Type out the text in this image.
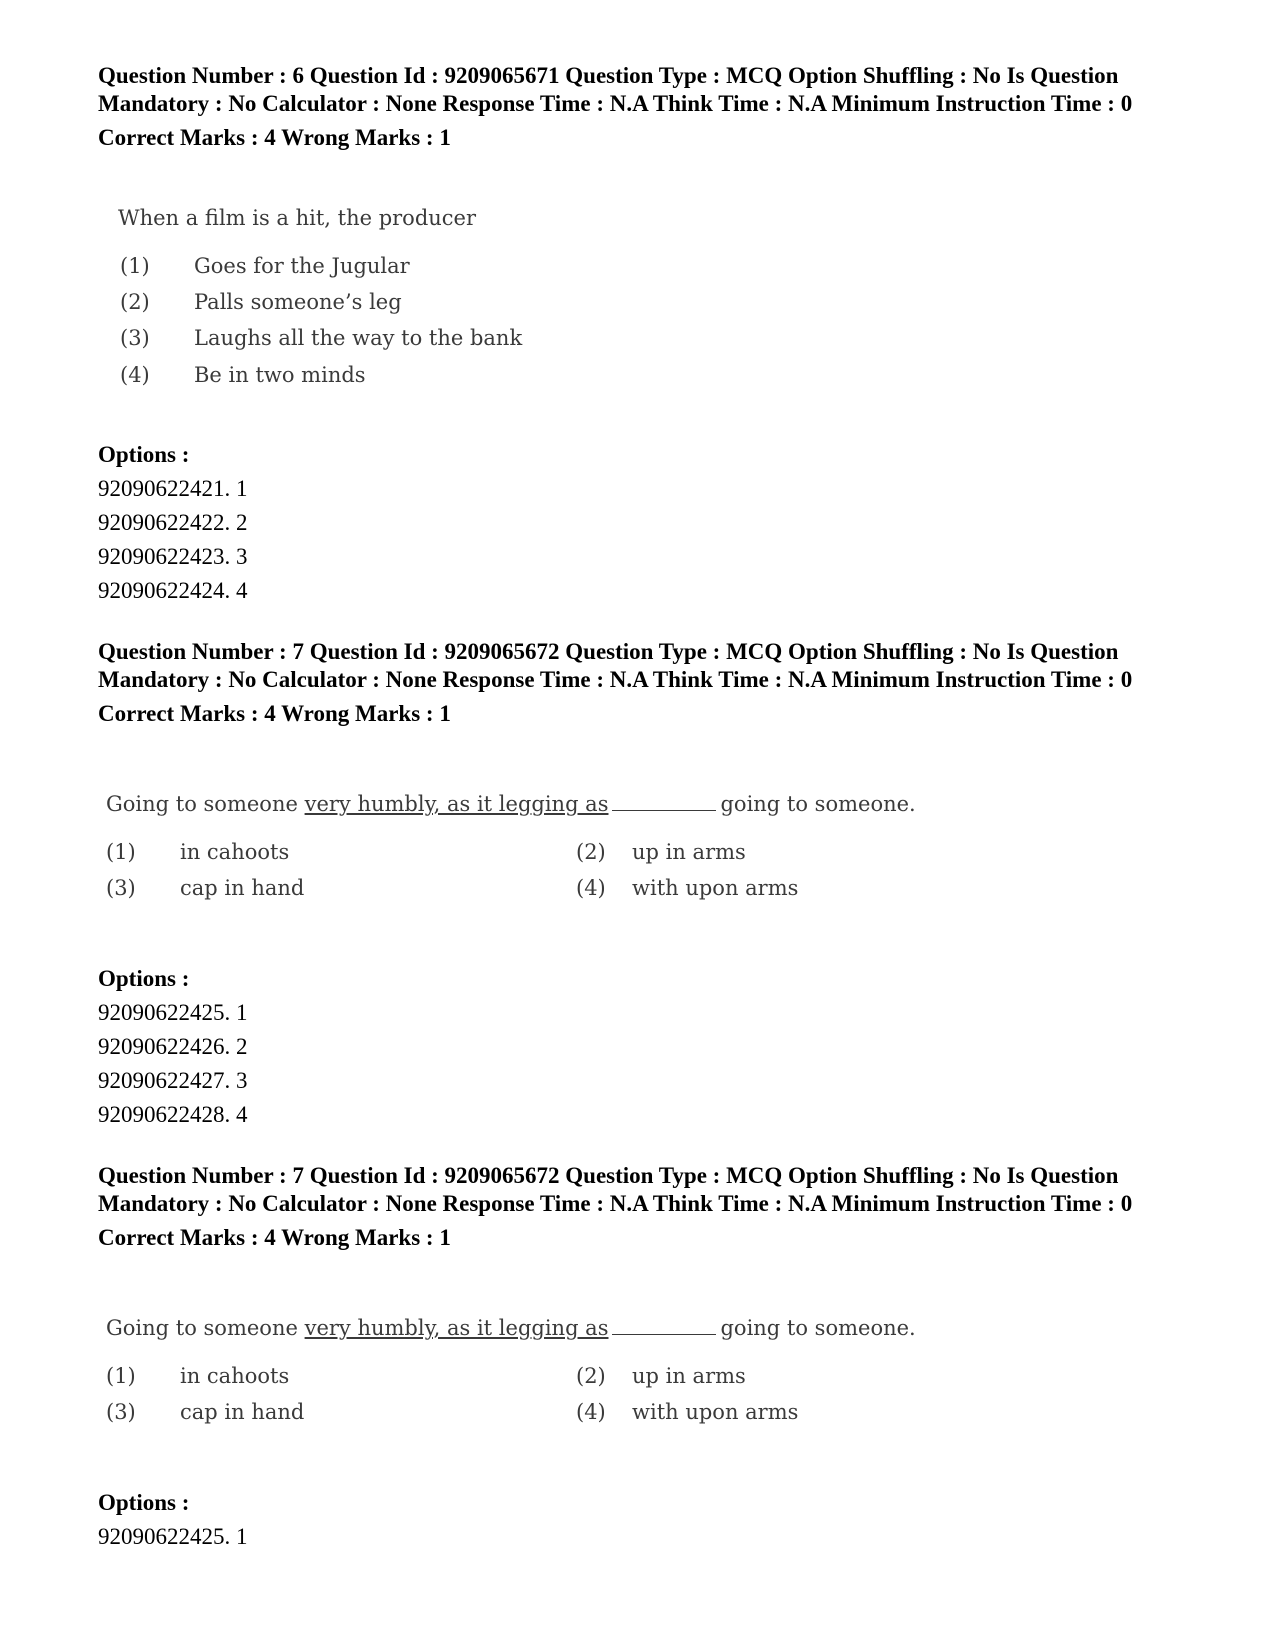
Question Number : 6 Question Id : 9209065671 Question Type : MCQ Option Shuffling : No Is Question Mandatory : No Calculator : None Response Time : N.A Think Time : N.A Minimum Instruction Time : 0

Correct Marks : 4 Wrong Marks : 1
When a film is a hit, the producer
(1) Goes for the Jugular
(2) Palls someone’s leg
(3) Laughs all the way to the bank
(4) Be in two minds
Options :
92090622421. 1
92090622422. 2
92090622423. 3
92090622424. 4

Question Number : 7 Question Id : 9209065672 Question Type : MCQ Option Shuffling : No Is Question Mandatory : No Calculator : None Response Time : N.A Think Time : N.A Minimum Instruction Time : 0

Correct Marks : 4 Wrong Marks : 1
Going to someone very humbly, as it legging as	going to someone.
(1) in cahoots	(2) up in arms
(3) cap in hand	(4) with upon arms
Options :
92090622425. 1
92090622426. 2
92090622427. 3
92090622428. 4

Question Number : 7 Question Id : 9209065672 Question Type : MCQ Option Shuffling : No Is Question Mandatory : No Calculator : None Response Time : N.A Think Time : N.A Minimum Instruction Time : 0

Correct Marks : 4 Wrong Marks : 1
Going to someone very humbly, as it legging as	going to someone.
(1) in cahoots	(2) up in arms
(3) cap in hand	(4) with upon arms
Options :
92090622425. 1
